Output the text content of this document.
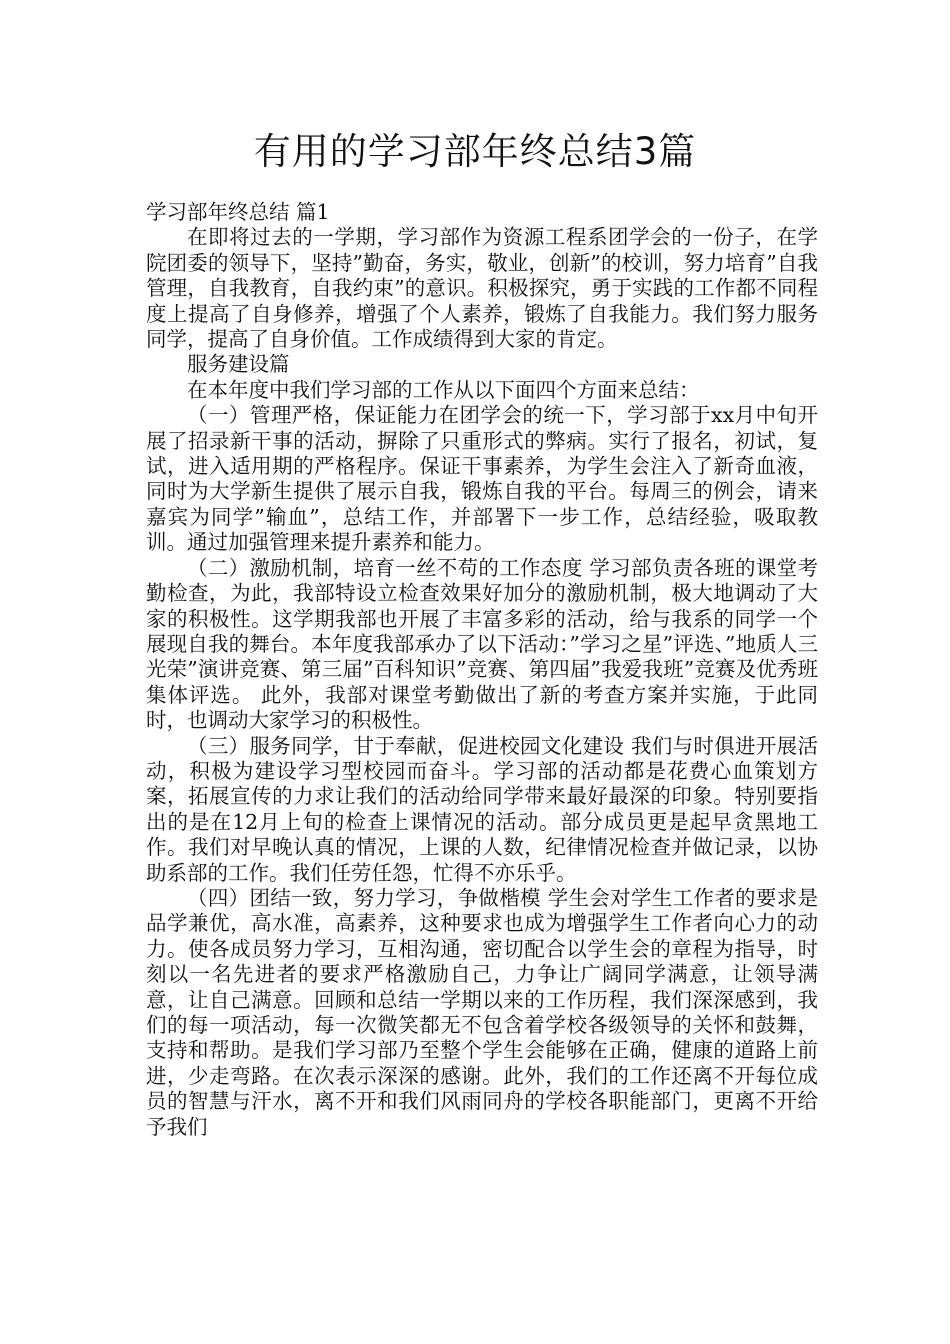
有用的学习部年终总结3篇

学习部年终总结 篇1

在即将过去的一学期，学习部作为资源工程系团学会的一份子，在学院团委的领导下，坚持”勤奋，务实，敬业，创新”的校训，努力培育”自我管理，自我教育，自我约束”的意识。积极探究，勇于实践的工作都不同程度上提高了自身修养，增强了个人素养，锻炼了自我能力。我们努力服务同学，提高了自身价值。工作成绩得到大家的肯定。

服务建设篇

在本年度中我们学习部的工作从以下面四个方面来总结：

（一）管理严格，保证能力在团学会的统一下，学习部于xx月中旬开展了招录新干事的活动，摒除了只重形式的弊病。实行了报名，初试，复试，进入适用期的严格程序。保证干事素养，为学生会注入了新奇血液，同时为大学新生提供了展示自我，锻炼自我的平台。每周三的例会，请来嘉宾为同学”输血”，总结工作，并部署下一步工作，总结经验，吸取教训。通过加强管理来提升素养和能力。

（二）激励机制，培育一丝不苟的工作态度 学习部负责各班的课堂考勤检查，为此，我部特设立检查效果好加分的激励机制，极大地调动了大家的积极性。这学期我部也开展了丰富多彩的活动，给与我系的同学一个展现自我的舞台。本年度我部承办了以下活动：”学习之星”评选、”地质人三光荣”演讲竞赛、第三届”百科知识”竞赛、第四届”我爱我班”竞赛及优秀班集体评选。 此外，我部对课堂考勤做出了新的考查方案并实施，于此同时，也调动大家学习的积极性。

（三）服务同学，甘于奉献，促进校园文化建设 我们与时俱进开展活动，积极为建设学习型校园而奋斗。学习部的活动都是花费心血策划方案，拓展宣传的力求让我们的活动给同学带来最好最深的印象。特别要指出的是在12月上旬的检查上课情况的活动。部分成员更是起早贪黑地工作。我们对早晚认真的情况，上课的人数，纪律情况检查并做记录，以协助系部的工作。我们任劳任怨，忙得不亦乐乎。

（四）团结一致，努力学习，争做楷模 学生会对学生工作者的要求是品学兼优，高水准，高素养，这种要求也成为增强学生工作者向心力的动力。使各成员努力学习，互相沟通，密切配合以学生会的章程为指导，时刻以一名先进者的要求严格激励自己，力争让广阔同学满意，让领导满意，让自己满意。回顾和总结一学期以来的工作历程，我们深深感到，我们的每一项活动，每一次微笑都无不包含着学校各级领导的关怀和鼓舞，支持和帮助。是我们学习部乃至整个学生会能够在正确，健康的道路上前进，少走弯路。在次表示深深的感谢。此外，我们的工作还离不开每位成员的智慧与汗水，离不开和我们风雨同舟的学校各职能部门，更离不开给予我们
